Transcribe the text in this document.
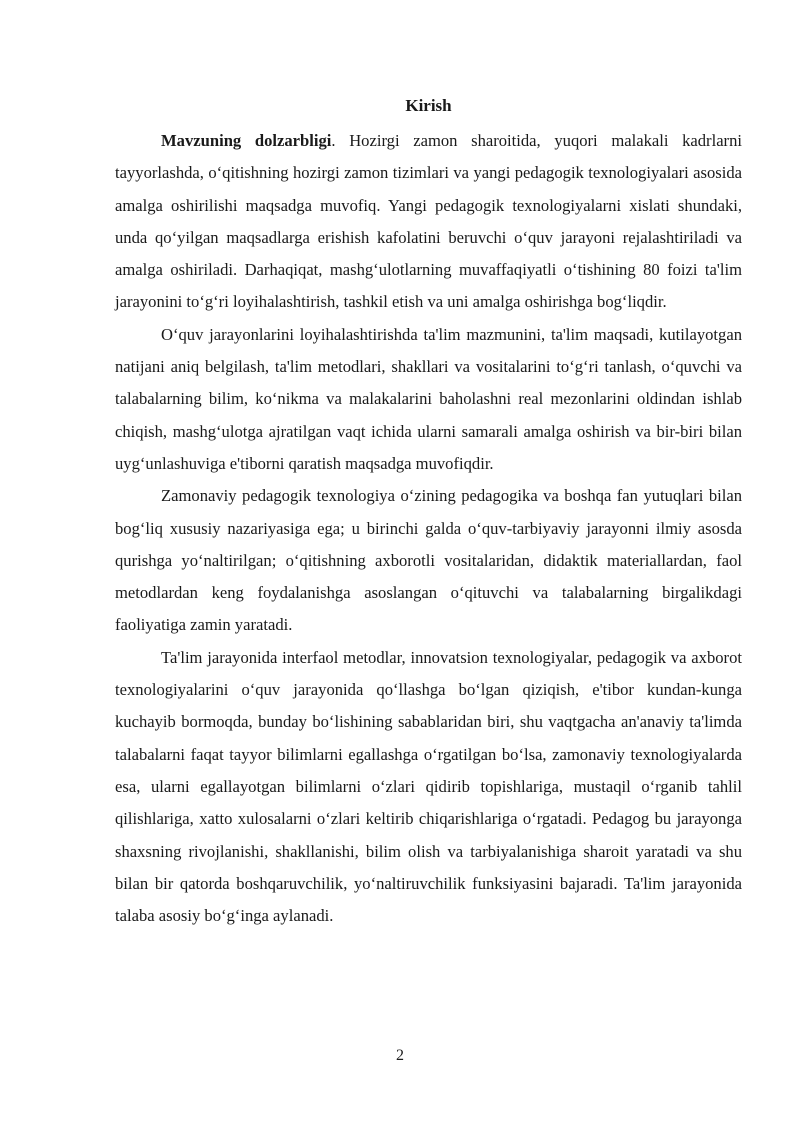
Kirish

Mavzuning dolzarbligi. Hozirgi zamon sharoitida, yuqori malakali kadrlarni tayyorlashda, o‘qitishning hozirgi zamon tizimlari va yangi pedagogik texnologiyalari asosida amalga oshirilishi maqsadga muvofiq. Yangi pedagogik texnologiyalarni xislati shundaki, unda qo‘yilgan maqsadlarga erishish kafolatini beruvchi o‘quv jarayoni rejalashtiriladi va amalga oshiriladi. Darhaqiqat, mashg‘ulotlarning muvaffaqiyatli o‘tishining 80 foizi ta'lim jarayonini to‘g‘ri loyihalashtirish, tashkil etish va uni amalga oshirishga bog‘liqdir.

O‘quv jarayonlarini loyihalashtirishda ta'lim mazmunini, ta'lim maqsadi, kutilayotgan natijani aniq belgilash, ta'lim metodlari, shakllari va vositalarini to‘g‘ri tanlash, o‘quvchi va talabalarning bilim, ko‘nikma va malakalarini baholashni real mezonlarini oldindan ishlab chiqish, mashg‘ulotga ajratilgan vaqt ichida ularni samarali amalga oshirish va bir-biri bilan uyg‘unlashuviga e'tiborni qaratish maqsadga muvofiqdir.

Zamonaviy pedagogik texnologiya o‘zining pedagogika va boshqa fan yutuqlari bilan bog‘liq xususiy nazariyasiga ega; u birinchi galda o‘quv-tarbiyaviy jarayonni ilmiy asosda qurishga yo‘naltirilgan; o‘qitishning axborotli vositalaridan, didaktik materiallardan, faol metodlardan keng foydalanishga asoslangan o‘qituvchi va talabalarning birgalikdagi faoliyatiga zamin yaratadi.

Ta'lim jarayonida interfaol metodlar, innovatsion texnologiyalar, pedagogik va axborot texnologiyalarini o‘quv jarayonida qo‘llashga bo‘lgan qiziqish, e'tibor kundan-kunga kuchayib bormoqda, bunday bo‘lishining sabablaridan biri, shu vaqtgacha an'anaviy ta'limda talabalarni faqat tayyor bilimlarni egallashga o‘rgatilgan bo‘lsa, zamonaviy texnologiyalarda esa, ularni egallayotgan bilimlarni o‘zlari qidirib topishlariga, mustaqil o‘rganib tahlil qilishlariga, xatto xulosalarni o‘zlari keltirib chiqarishlariga o‘rgatadi. Pedagog bu jarayonga shaxsning rivojlanishi, shakllanishi, bilim olish va tarbiyalanishiga sharoit yaratadi va shu bilan bir qatorda boshqaruvchilik, yo‘naltiruvchilik funksiyasini bajaradi. Ta'lim jarayonida talaba asosiy bo‘g‘inga aylanadi.

2
